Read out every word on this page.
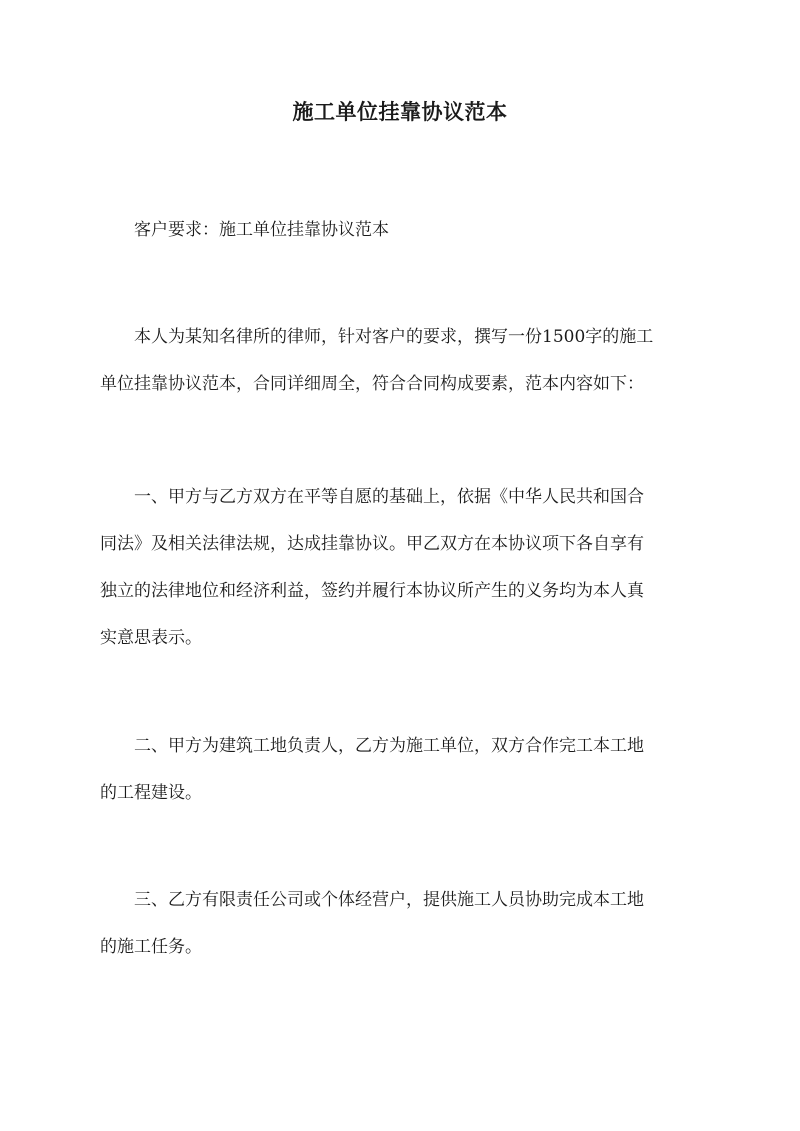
施工单位挂靠协议范本

客户要求：施工单位挂靠协议范本

本人为某知名律所的律师，针对客户的要求，撰写一份1500字的施工
单位挂靠协议范本，合同详细周全，符合合同构成要素，范本内容如下：

一、甲方与乙方双方在平等自愿的基础上，依据《中华人民共和国合
同法》及相关法律法规，达成挂靠协议。甲乙双方在本协议项下各自享有
独立的法律地位和经济利益，签约并履行本协议所产生的义务均为本人真
实意思表示。

二、甲方为建筑工地负责人，乙方为施工单位，双方合作完工本工地
的工程建设。

三、乙方有限责任公司或个体经营户，提供施工人员协助完成本工地
的施工任务。
